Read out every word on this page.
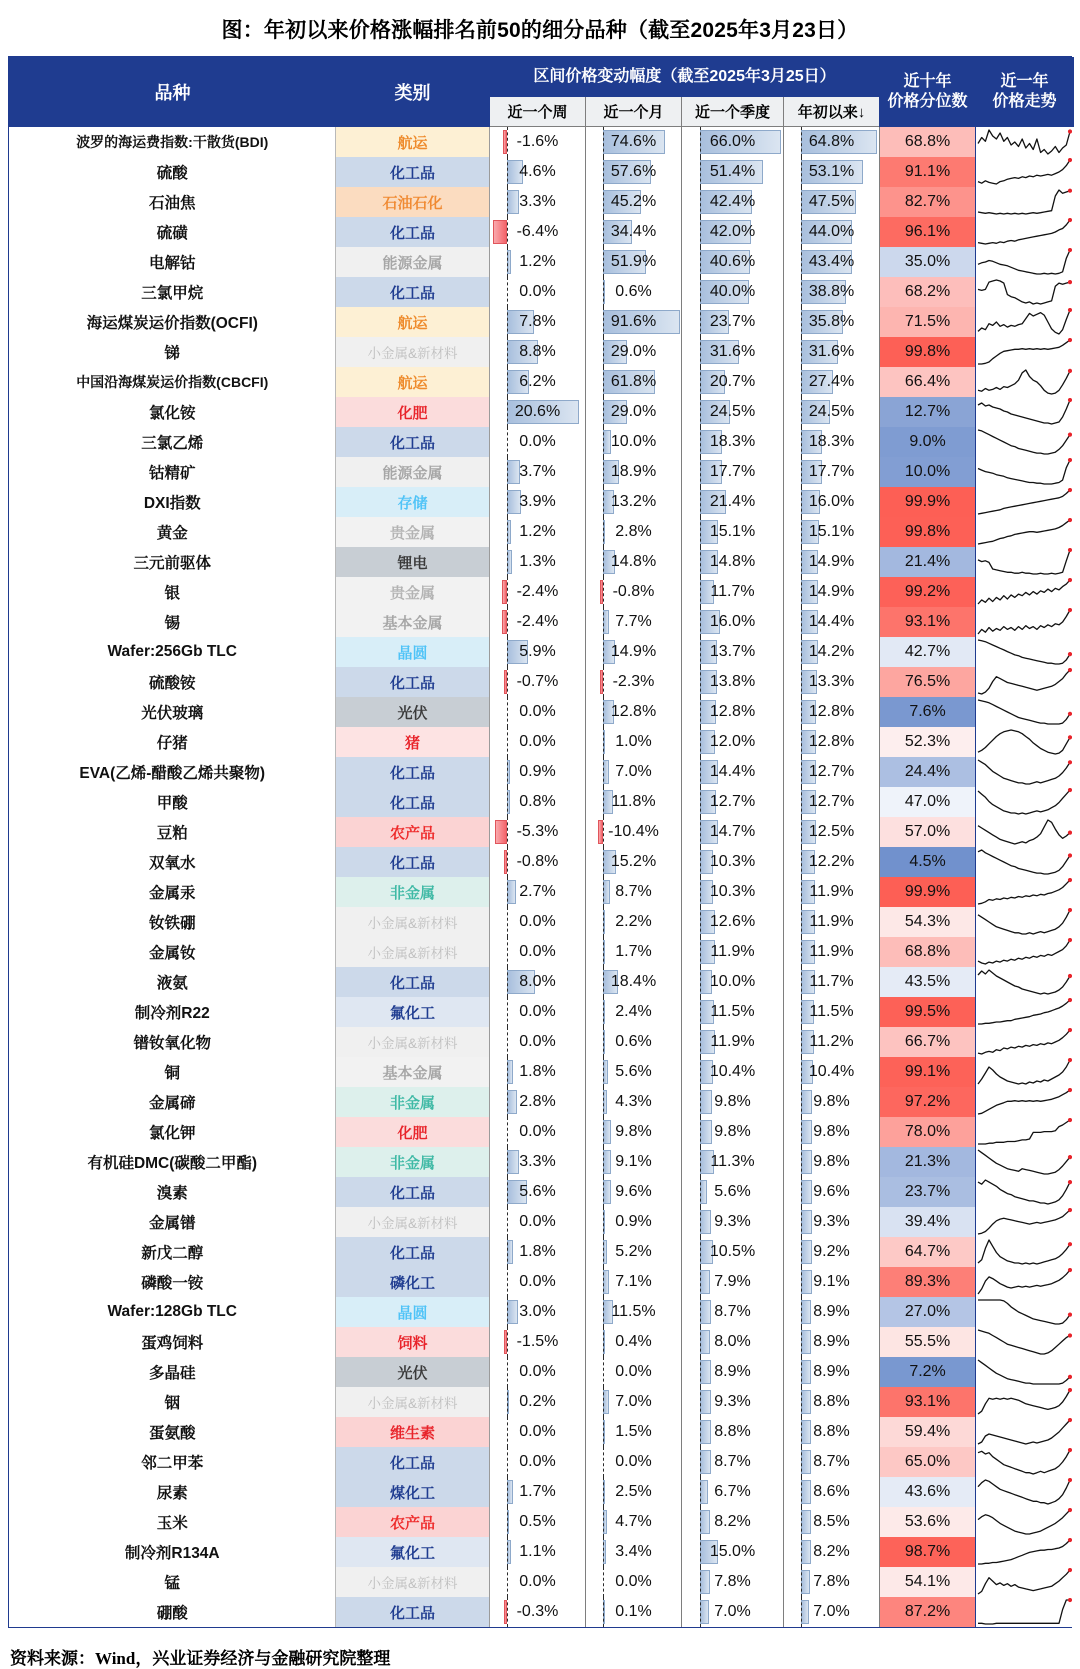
图：年初以来价格涨幅排名前50的细分品种（截至2025年3月23日）
品种	类别	区间价格变动幅度（截至2025年3月25日）	近十年
价格分位数

近一年
价格走势

		近一个周	近一个月	近一个季度	年初以来↓		
波罗的海运费指数:干散货(BDI)	航运	-1.6%	74.6%	66.0%	64.8%	68.8%	

硫酸	化工品	4.6%	57.6%	51.4%	53.1%	91.1%	

石油焦	石油石化	3.3%	45.2%	42.4%	47.5%	82.7%	

硫磺	化工品	-6.4%	34.4%	42.0%	44.0%	96.1%	

电解钴	能源金属	1.2%	51.9%	40.6%	43.4%	35.0%	

三氯甲烷	化工品	0.0%	0.6%	40.0%	38.8%	68.2%	

海运煤炭运价指数(OCFI)	航运	7.8%	91.6%	23.7%	35.8%	71.5%	

锑	小金属&新材料	8.8%	29.0%	31.6%	31.6%	99.8%	

中国沿海煤炭运价指数(CBCFI)	航运	6.2%	61.8%	20.7%	27.4%	66.4%	

氯化铵	化肥	20.6%	29.0%	24.5%	24.5%	12.7%	

三氯乙烯	化工品	0.0%	10.0%	18.3%	18.3%	9.0%	

钴精矿	能源金属	3.7%	18.9%	17.7%	17.7%	10.0%	

DXI指数	存储	3.9%	13.2%	21.4%	16.0%	99.9%	

黄金	贵金属	1.2%	2.8%	15.1%	15.1%	99.8%	

三元前驱体	锂电	1.3%	14.8%	14.8%	14.9%	21.4%	

银	贵金属	-2.4%	-0.8%	11.7%	14.9%	99.2%	

锡	基本金属	-2.4%	7.7%	16.0%	14.4%	93.1%	

Wafer:256Gb TLC	晶圆	5.9%	14.9%	13.7%	14.2%	42.7%	

硫酸铵	化工品	-0.7%	-2.3%	13.8%	13.3%	76.5%	

光伏玻璃	光伏	0.0%	12.8%	12.8%	12.8%	7.6%	

仔猪	猪	0.0%	1.0%	12.0%	12.8%	52.3%	

EVA(乙烯-醋酸乙烯共聚物)	化工品	0.9%	7.0%	14.4%	12.7%	24.4%	

甲酸	化工品	0.8%	11.8%	12.7%	12.7%	47.0%	

豆粕	农产品	-5.3%	-10.4%	14.7%	12.5%	57.0%	

双氧水	化工品	-0.8%	15.2%	10.3%	12.2%	4.5%	

金属汞	非金属	2.7%	8.7%	10.3%	11.9%	99.9%	

钕铁硼	小金属&新材料	0.0%	2.2%	12.6%	11.9%	54.3%	

金属钕	小金属&新材料	0.0%	1.7%	11.9%	11.9%	68.8%	

液氨	化工品	8.0%	18.4%	10.0%	11.7%	43.5%	

制冷剂R22	氟化工	0.0%	2.4%	11.5%	11.5%	99.5%	

镨钕氧化物	小金属&新材料	0.0%	0.6%	11.9%	11.2%	66.7%	

铜	基本金属	1.8%	5.6%	10.4%	10.4%	99.1%	

金属碲	非金属	2.8%	4.3%	9.8%	9.8%	97.2%	

氯化钾	化肥	0.0%	9.8%	9.8%	9.8%	78.0%	

有机硅DMC(碳酸二甲酯)	非金属	3.3%	9.1%	11.3%	9.8%	21.3%	

溴素	化工品	5.6%	9.6%	5.6%	9.6%	23.7%	

金属镨	小金属&新材料	0.0%	0.9%	9.3%	9.3%	39.4%	

新戊二醇	化工品	1.8%	5.2%	10.5%	9.2%	64.7%	

磷酸一铵	磷化工	0.0%	7.1%	7.9%	9.1%	89.3%	

Wafer:128Gb TLC	晶圆	3.0%	11.5%	8.7%	8.9%	27.0%	

蛋鸡饲料	饲料	-1.5%	0.4%	8.0%	8.9%	55.5%	

多晶硅	光伏	0.0%	0.0%	8.9%	8.9%	7.2%	

铟	小金属&新材料	0.2%	7.0%	9.3%	8.8%	93.1%	

蛋氨酸	维生素	0.0%	1.5%	8.8%	8.8%	59.4%	

邻二甲苯	化工品	0.0%	0.0%	8.7%	8.7%	65.0%	

尿素	煤化工	1.7%	2.5%	6.7%	8.6%	43.6%	

玉米	农产品	0.5%	4.7%	8.2%	8.5%	53.6%	

制冷剂R134A	氟化工	1.1%	3.4%	15.0%	8.2%	98.7%	

锰	小金属&新材料	0.0%	0.0%	7.8%	7.8%	54.1%	

硼酸	化工品	-0.3%	0.1%	7.0%	7.0%	87.2%	
资料来源：Wind，兴业证券经济与金融研究院整理
